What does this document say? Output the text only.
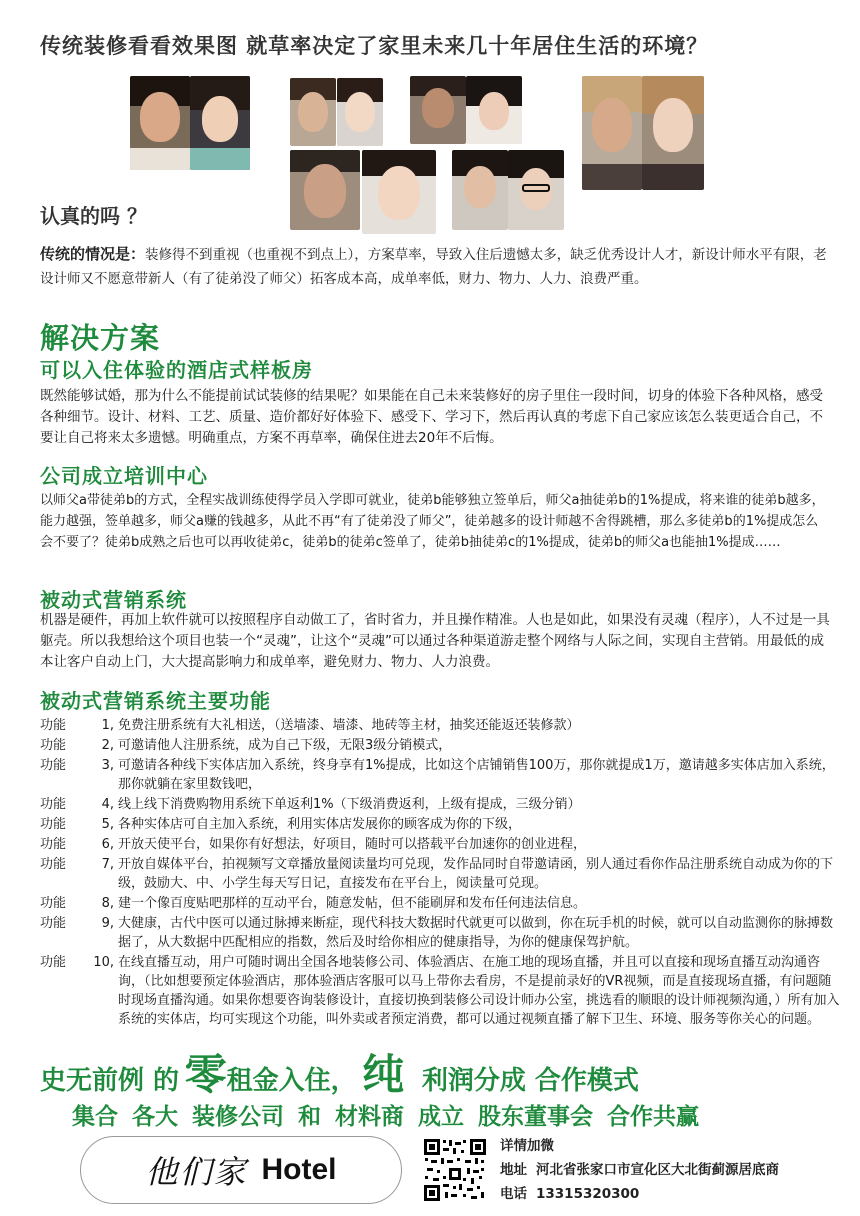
传统装修看看效果图 就草率决定了家里未来几十年居住生活的环境？
认真的吗 ？
传统的情况是：装修得不到重视（也重视不到点上），方案草率，导致入住后遗憾太多，缺乏优秀设计人才，新设计师水平有限，老设计师又不愿意带新人（有了徒弟没了师父）拓客成本高，成单率低，财力、物力、人力、浪费严重。
解决方案
可以入住体验的酒店式样板房
既然能够试婚，那为什么不能提前试试装修的结果呢？如果能在自己未来装修好的房子里住一段时间，切身的体验下各种风格，感受各种细节。设计、材料、工艺、质量、造价都好好体验下、感受下、学习下，然后再认真的考虑下自己家应该怎么装更适合自己，不要让自己将来太多遗憾。明确重点，方案不再草率，确保住进去20年不后悔。
公司成立培训中心
以师父a带徒弟b的方式，全程实战训练使得学员入学即可就业，徒弟b能够独立签单后，师父a抽徒弟b的1%提成，将来谁的徒弟b越多，能力越强，签单越多，师父a赚的钱越多，从此不再“有了徒弟没了师父”，徒弟越多的设计师越不舍得跳槽，那么多徒弟b的1%提成怎么会不要了？徒弟b成熟之后也可以再收徒弟c，徒弟b的徒弟c签单了，徒弟b抽徒弟c的1%提成，徒弟b的师父a也能抽1%提成……
被动式营销系统
机器是硬件，再加上软件就可以按照程序自动做工了，省时省力，并且操作精准。人也是如此，如果没有灵魂（程序），人不过是一具躯壳。所以我想给这个项目也装一个“灵魂”，让这个“灵魂”可以通过各种渠道游走整个网络与人际之间，实现自主营销。用最低的成本让客户自动上门，大大提高影响力和成单率，避免财力、物力、人力浪费。
被动式营销系统主要功能
功能	1, 免费注册系统有大礼相送，（送墙漆、墙漆、地砖等主材，抽奖还能返还装修款）
功能	2, 可邀请他人注册系统，成为自己下级，无限3级分销模式，
功能	3, 可邀请各种线下实体店加入系统，终身享有1%提成，比如这个店铺销售100万，那你就提成1万，邀请越多实体店加入系统，那你就躺在家里数钱吧，
功能	4, 线上线下消费购物用系统下单返利1%（下级消费返利，上级有提成，三级分销）
功能	5, 各种实体店可自主加入系统，利用实体店发展你的顾客成为你的下级，
功能	6, 开放天使平台，如果你有好想法，好项目，随时可以搭载平台加速你的创业进程，
功能	7, 开放自媒体平台，拍视频写文章播放量阅读量均可兑现，发作品同时自带邀请函，别人通过看你作品注册系统自动成为你的下级，鼓励大、中、小学生每天写日记，直接发布在平台上，阅读量可兑现。
功能	8, 建一个像百度贴吧那样的互动平台，随意发帖，但不能刷屏和发布任何违法信息。
功能	9, 大健康，古代中医可以通过脉搏来断症，现代科技大数据时代就更可以做到，你在玩手机的时候，就可以自动监测你的脉搏数据了，从大数据中匹配相应的指数，然后及时给你相应的健康指导，为你的健康保驾护航。
功能	10, 在线直播互动，用户可随时调出全国各地装修公司、体验酒店、在施工地的现场直播，并且可以直接和现场直播互动沟通咨询，（比如想要预定体验酒店，那体验酒店客服可以马上带你去看房，不是提前录好的VR视频，而是直接现场直播，有问题随时现场直播沟通。如果你想要咨询装修设计，直接切换到装修公司设计师办公室，挑选看的顺眼的设计师视频沟通，）所有加入系统的实体店，均可实现这个功能，叫外卖或者预定消费，都可以通过视频直播了解下卫生、环境、服务等你关心的问题。
史无前例 的 零租金入住， 纯 利润分成 合作模式
集合 各大 装修公司 和 材料商 成立 股东董事会 合作共赢
他们家 Hotel
详情加微
地址 河北省张家口市宣化区大北街蓟源居底商
电话 13315320300
